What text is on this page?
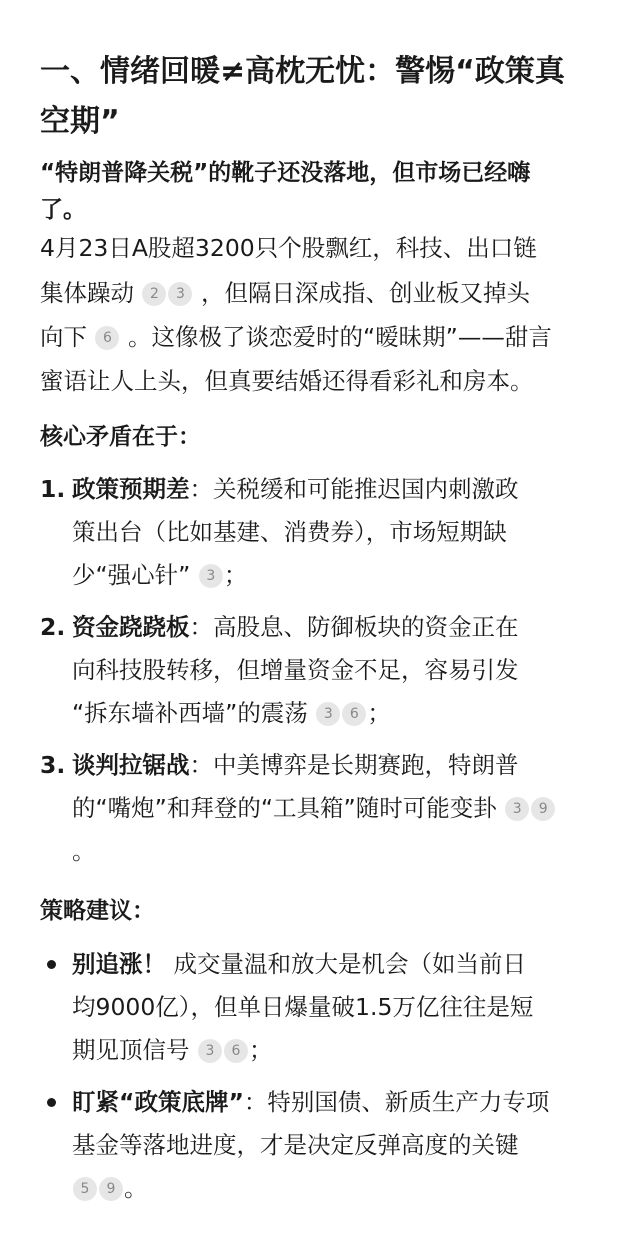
一、情绪回暖≠高枕无忧：警惕“政策真
空期”
“特朗普降关税”的靴子还没落地，但市场已经嗨
了。
4月23日A股超3200只个股飘红，科技、出口链
集体躁动 2 3 ，但隔日深成指、创业板又掉头
向下 6 。这像极了谈恋爱时的“暧昧期”——甜言
蜜语让人上头，但真要结婚还得看彩礼和房本。
核心矛盾在于：
1. 政策预期差：关税缓和可能推迟国内刺激政
策出台（比如基建、消费券），市场短期缺
少“强心针” 3 ；
2. 资金跷跷板：高股息、防御板块的资金正在
向科技股转移，但增量资金不足，容易引发
“拆东墙补西墙”的震荡 3 6 ；
3. 谈判拉锯战：中美博弈是长期赛跑，特朗普
的“嘴炮”和拜登的“工具箱”随时可能变卦 3 9
。
策略建议：
别追涨！ 成交量温和放大是机会（如当前日
均9000亿），但单日爆量破1.5万亿往往是短
期见顶信号 3 6 ；
盯紧“政策底牌”：特别国债、新质生产力专项
基金等落地进度，才是决定反弹高度的关键
5 9 。
